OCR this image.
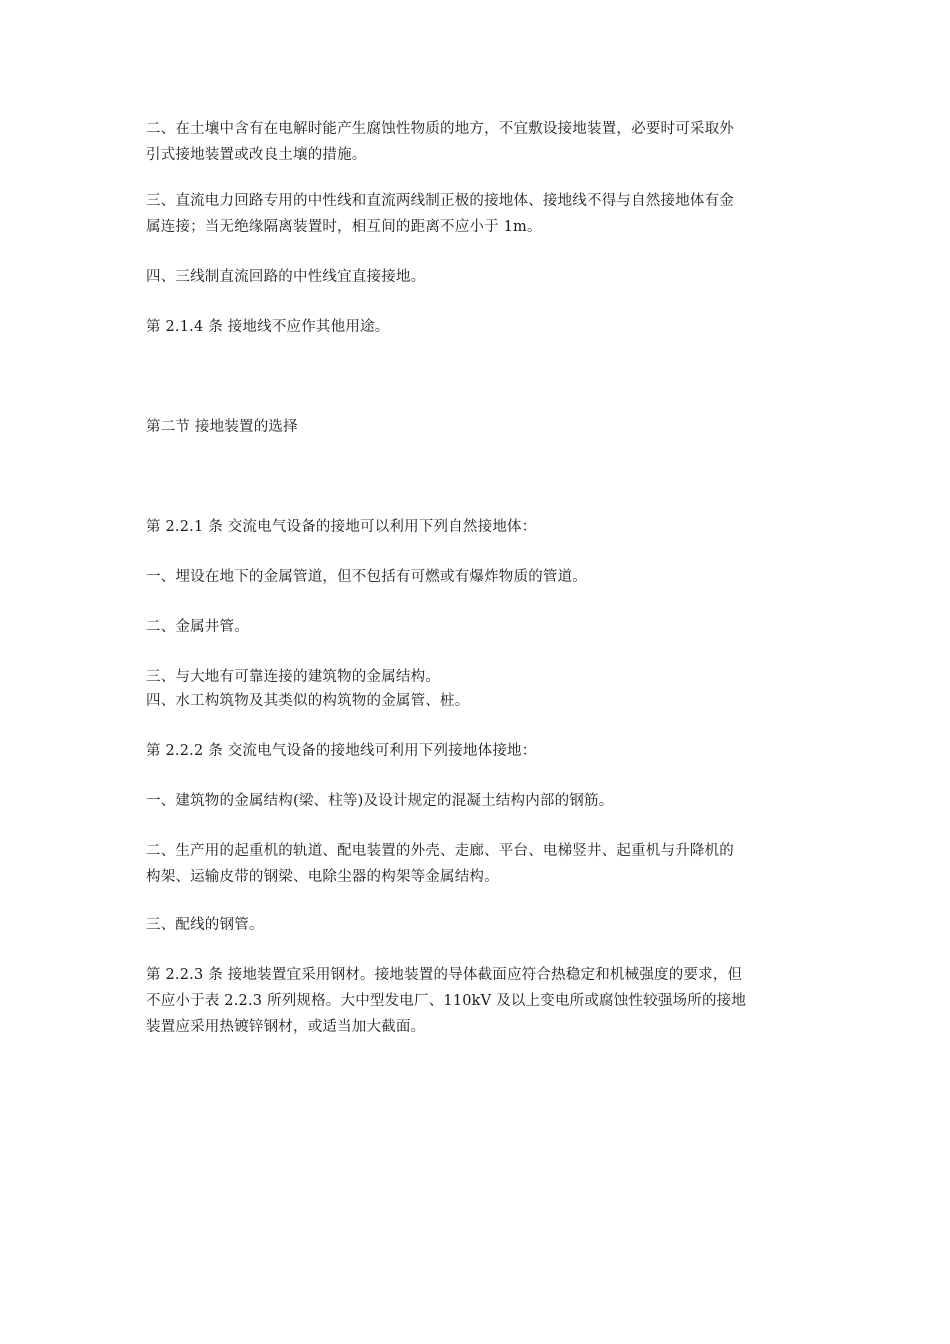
二、在土壤中含有在电解时能产生腐蚀性物质的地方，不宜敷设接地装置，必要时可采取外
引式接地装置或改良土壤的措施。
三、直流电力回路专用的中性线和直流两线制正极的接地体、接地线不得与自然接地体有金
属连接；当无绝缘隔离装置时，相互间的距离不应小于 1m。
四、三线制直流回路的中性线宜直接接地。
第 2.1.4 条 接地线不应作其他用途。
第二节 接地装置的选择
第 2.2.1 条 交流电气设备的接地可以利用下列自然接地体：
一、埋设在地下的金属管道，但不包括有可燃或有爆炸物质的管道。
二、金属井管。
三、与大地有可靠连接的建筑物的金属结构。
四、水工构筑物及其类似的构筑物的金属管、桩。
第 2.2.2 条 交流电气设备的接地线可利用下列接地体接地：
一、建筑物的金属结构(梁、柱等)及设计规定的混凝土结构内部的钢筋。
二、生产用的起重机的轨道、配电装置的外壳、走廊、平台、电梯竖井、起重机与升降机的
构架、运输皮带的钢梁、电除尘器的构架等金属结构。
三、配线的钢管。
第 2.2.3 条 接地装置宜采用钢材。接地装置的导体截面应符合热稳定和机械强度的要求，但
不应小于表 2.2.3 所列规格。大中型发电厂、110kV 及以上变电所或腐蚀性较强场所的接地
装置应采用热镀锌钢材，或适当加大截面。
